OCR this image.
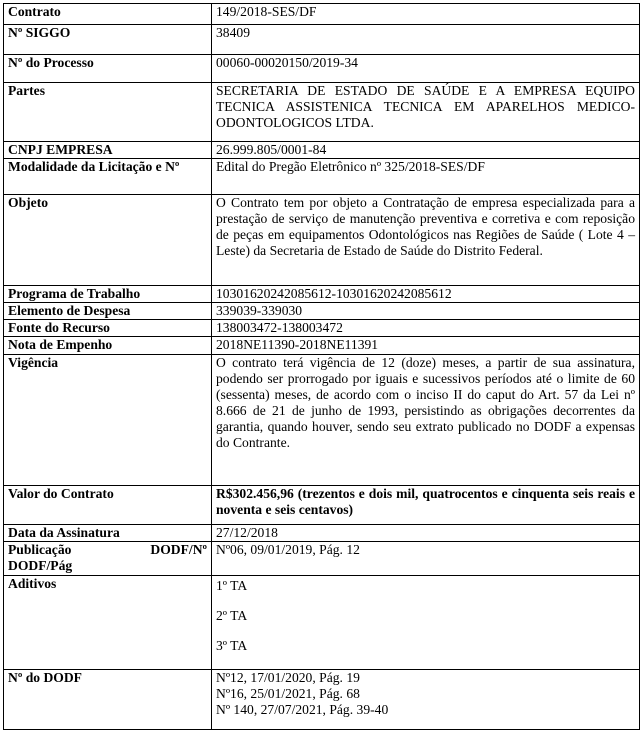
Contrato	149/2018-SES/DF
Nº SIGGO	38409
Nº do Processo	00060-00020150/2019-34
Partes	SECRETARIA DE ESTADO DE SAÚDE E A EMPRESA EQUIPO TECNICA ASSISTENICA TECNICA EM APARELHOS MEDICO-ODONTOLOGICOS LTDA.
CNPJ EMPRESA	26.999.805/0001-84
Modalidade da Licitação e Nº	Edital do Pregão Eletrônico nº 325/2018-SES/DF
Objeto	O Contrato tem por objeto a Contratação de empresa especializada para a prestação de serviço de manutenção preventiva e corretiva e com reposição de peças em equipamentos Odontológicos nas Regiões de Saúde ( Lote 4 – Leste) da Secretaria de Estado de Saúde do Distrito Federal.
Programa de Trabalho	10301620242085612-10301620242085612
Elemento de Despesa	339039-339030
Fonte do Recurso	138003472-138003472
Nota de Empenho	2018NE11390-2018NE11391
Vigência	O contrato terá vigência de 12 (doze) meses, a partir de sua assinatura, podendo ser prorrogado por iguais e sucessivos períodos até o limite de 60 (sessenta) meses, de acordo com o inciso II do caput do Art. 57 da Lei nº 8.666 de 21 de junho de 1993, persistindo as obrigações decorrentes da garantia, quando houver, sendo seu extrato publicado no DODF a expensas do Contrante.
Valor do Contrato	R$302.456,96 (trezentos e dois mil, quatrocentos e cinquenta seis reais e noventa e seis centavos)
Data da Assinatura	27/12/2018

Publicação DODF/Nº
DODF/Pág	Nº06, 09/01/2019, Pág. 12
Aditivos	1º TA
2º TA
3º TA

Nº do DODF	Nº12, 17/01/2020, Pág. 19
Nº16, 25/01/2021, Pág. 68
Nº 140, 27/07/2021, Pág. 39-40
